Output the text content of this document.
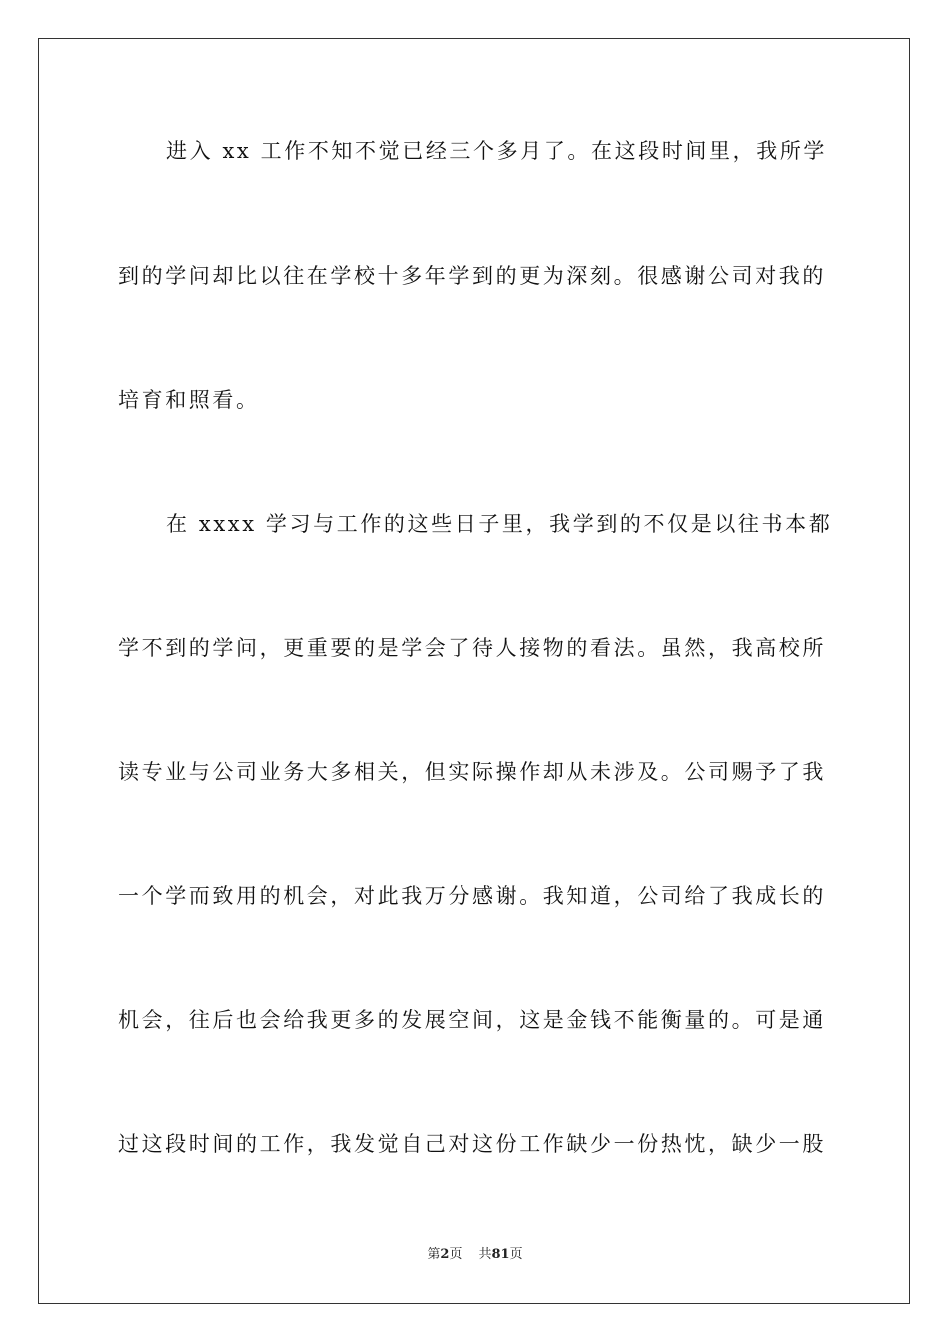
进入 xx 工作不知不觉已经三个多月了。在这段时间里，我所学
到的学问却比以往在学校十多年学到的更为深刻。很感谢公司对我的
培育和照看。
在 xxxx 学习与工作的这些日子里，我学到的不仅是以往书本都
学不到的学问，更重要的是学会了待人接物的看法。虽然，我高校所
读专业与公司业务大多相关，但实际操作却从未涉及。公司赐予了我
一个学而致用的机会，对此我万分感谢。我知道，公司给了我成长的
机会，往后也会给我更多的发展空间，这是金钱不能衡量的。可是通
过这段时间的工作，我发觉自己对这份工作缺少一份热忱，缺少一股
第2页 共81页
